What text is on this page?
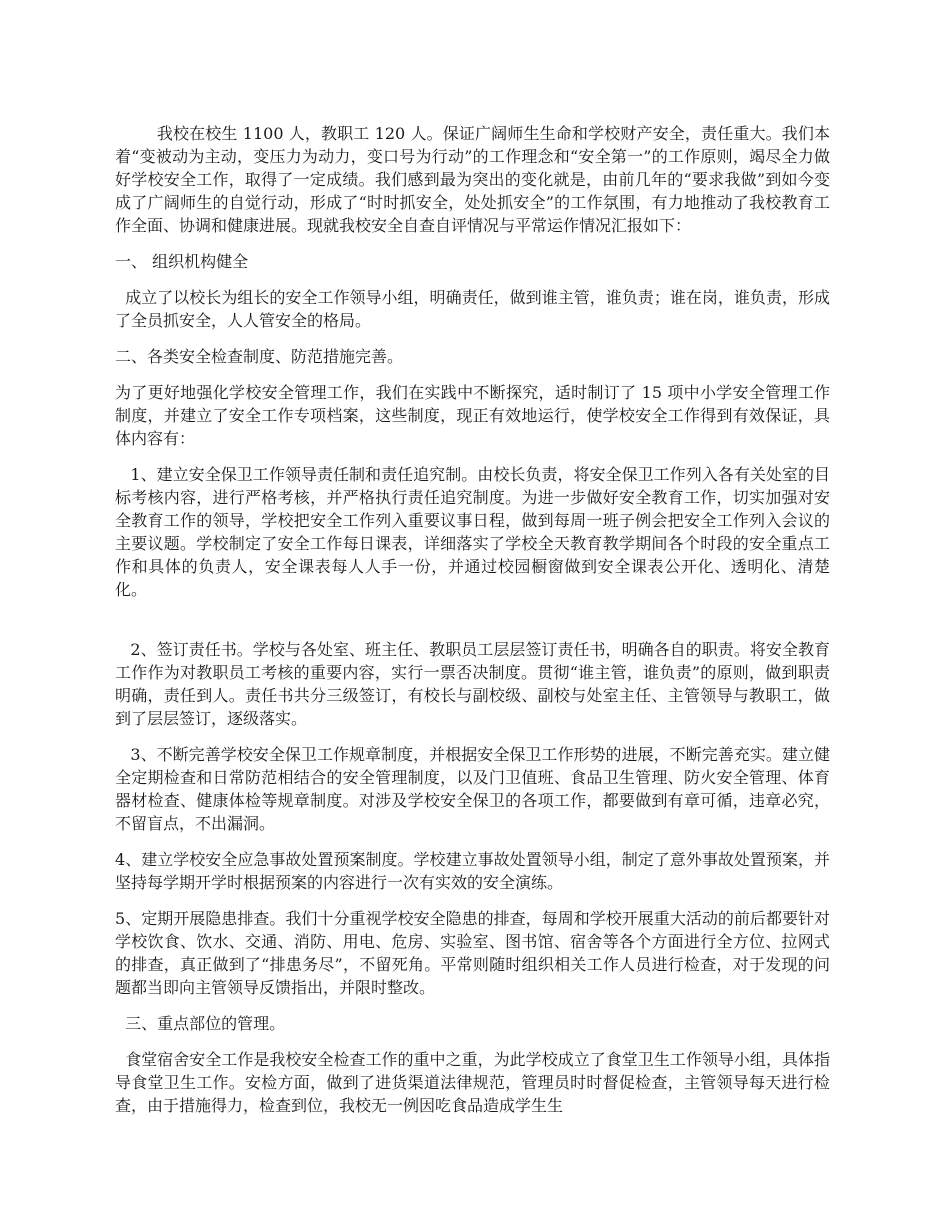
我校在校生 1100 人，教职工 120 人。保证广阔师生生命和学校财产安全，责任重大。我们本着“变被动为主动，变压力为动力，变口号为行动”的工作理念和“安全第一”的工作原则，竭尽全力做好学校安全工作，取得了一定成绩。我们感到最为突出的变化就是，由前几年的“要求我做”到如今变成了广阔师生的自觉行动，形成了“时时抓安全，处处抓安全”的工作氛围，有力地推动了我校教育工作全面、协调和健康进展。现就我校安全自查自评情况与平常运作情况汇报如下：

一、 组织机构健全

成立了以校长为组长的安全工作领导小组，明确责任，做到谁主管，谁负责；谁在岗，谁负责，形成了全员抓安全，人人管安全的格局。

二、各类安全检查制度、防范措施完善。

为了更好地强化学校安全管理工作，我们在实践中不断探究，适时制订了 15 项中小学安全管理工作制度，并建立了安全工作专项档案，这些制度，现正有效地运行，使学校安全工作得到有效保证，具体内容有：

1、建立安全保卫工作领导责任制和责任追究制。由校长负责，将安全保卫工作列入各有关处室的目标考核内容，进行严格考核，并严格执行责任追究制度。为进一步做好安全教育工作，切实加强对安全教育工作的领导，学校把安全工作列入重要议事日程，做到每周一班子例会把安全工作列入会议的主要议题。学校制定了安全工作每日课表，详细落实了学校全天教育教学期间各个时段的安全重点工作和具体的负责人，安全课表每人人手一份，并通过校园橱窗做到安全课表公开化、透明化、清楚化。

2、签订责任书。学校与各处室、班主任、教职员工层层签订责任书，明确各自的职责。将安全教育工作作为对教职员工考核的重要内容，实行一票否决制度。贯彻“谁主管，谁负责”的原则，做到职责明确，责任到人。责任书共分三级签订，有校长与副校级、副校与处室主任、主管领导与教职工，做到了层层签订，逐级落实。

3、不断完善学校安全保卫工作规章制度，并根据安全保卫工作形势的进展，不断完善充实。建立健全定期检查和日常防范相结合的安全管理制度，以及门卫值班、食品卫生管理、防火安全管理、体育器材检查、健康体检等规章制度。对涉及学校安全保卫的各项工作，都要做到有章可循，违章必究，不留盲点，不出漏洞。

4、建立学校安全应急事故处置预案制度。学校建立事故处置领导小组，制定了意外事故处置预案，并坚持每学期开学时根据预案的内容进行一次有实效的安全演练。

5、定期开展隐患排查。我们十分重视学校安全隐患的排查，每周和学校开展重大活动的前后都要针对学校饮食、饮水、交通、消防、用电、危房、实验室、图书馆、宿舍等各个方面进行全方位、拉网式的排查，真正做到了“排患务尽”，不留死角。平常则随时组织相关工作人员进行检查，对于发现的问题都当即向主管领导反馈指出，并限时整改。

三、重点部位的管理。

食堂宿舍安全工作是我校安全检查工作的重中之重，为此学校成立了食堂卫生工作领导小组，具体指导食堂卫生工作。安检方面，做到了进货渠道法律规范，管理员时时督促检查，主管领导每天进行检查，由于措施得力，检查到位，我校无一例因吃食品造成学生生
